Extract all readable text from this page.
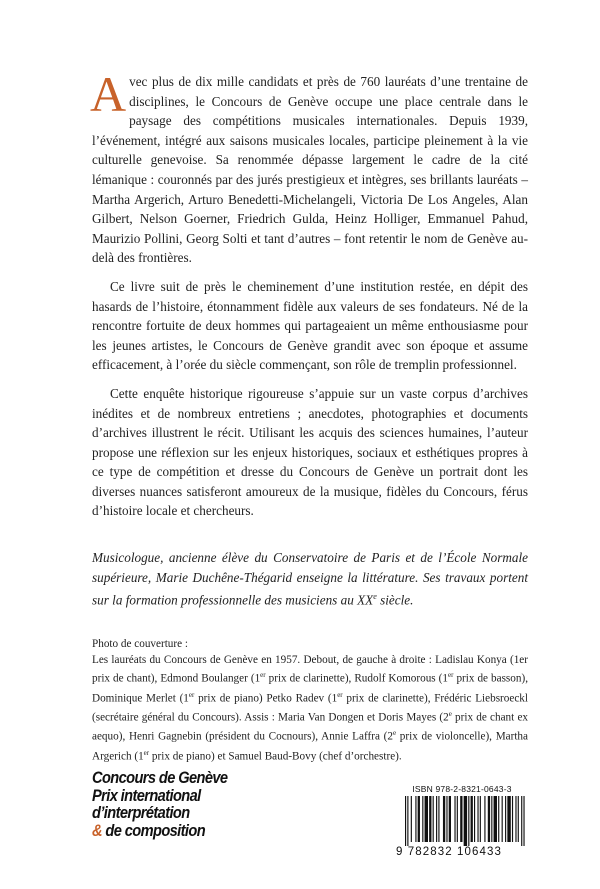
Avec plus de dix mille candidats et près de 760 lauréats d’une trentaine de disciplines, le Concours de Genève occupe une place centrale dans le paysage des compétitions musicales internationales. Depuis 1939, l’événement, intégré aux saisons musicales locales, participe pleinement à la vie culturelle genevoise. Sa renommée dépasse largement le cadre de la cité lémanique : couronnés par des jurés prestigieux et intègres, ses brillants lauréats – Martha Argerich, Arturo Benedetti-Michelangeli, Victoria De Los Angeles, Alan Gilbert, Nelson Goerner, Friedrich Gulda, Heinz Holliger, Emmanuel Pahud, Maurizio Pollini, Georg Solti et tant d’autres – font retentir le nom de Genève au-delà des frontières.

Ce livre suit de près le cheminement d’une institution restée, en dépit des hasards de l’histoire, étonnamment fidèle aux valeurs de ses fondateurs. Né de la rencontre fortuite de deux hommes qui partageaient un même enthousiasme pour les jeunes artistes, le Concours de Genève grandit avec son époque et assume efficacement, à l’orée du siècle commençant, son rôle de tremplin professionnel.

Cette enquête historique rigoureuse s’appuie sur un vaste corpus d’archives inédites et de nombreux entretiens ; anecdotes, photographies et documents d’archives illustrent le récit. Utilisant les acquis des sciences humaines, l’auteur propose une réflexion sur les enjeux historiques, sociaux et esthétiques propres à ce type de compétition et dresse du Concours de Genève un portrait dont les diverses nuances satisferont amoureux de la musique, fidèles du Concours, férus d’histoire locale et chercheurs.

Musicologue, ancienne élève du Conservatoire de Paris et de l’École Normale supérieure, Marie Duchêne-Thégarid enseigne la littérature. Ses travaux portent sur la formation professionnelle des musiciens au XXe siècle.

Photo de couverture :
Les lauréats du Concours de Genève en 1957. Debout, de gauche à droite : Ladislau Konya (1er prix de chant), Edmond Boulanger (1er prix de clarinette), Rudolf Komorous (1er prix de basson), Dominique Merlet (1er prix de piano) Petko Radev (1er prix de clarinette), Frédéric Liebsroeckl (secrétaire général du Concours). Assis : Maria Van Dongen et Doris Mayes (2e prix de chant ex aequo), Henri Gagnebin (président du Cocnours), Annie Laffra (2e prix de violoncelle), Martha Argerich (1er prix de piano) et Samuel Baud-Bovy (chef d’orchestre).
Concours de Genève
Prix international
d’interprétation
& de composition
ISBN 978-2-8321-0643-3
9 782832 106433
